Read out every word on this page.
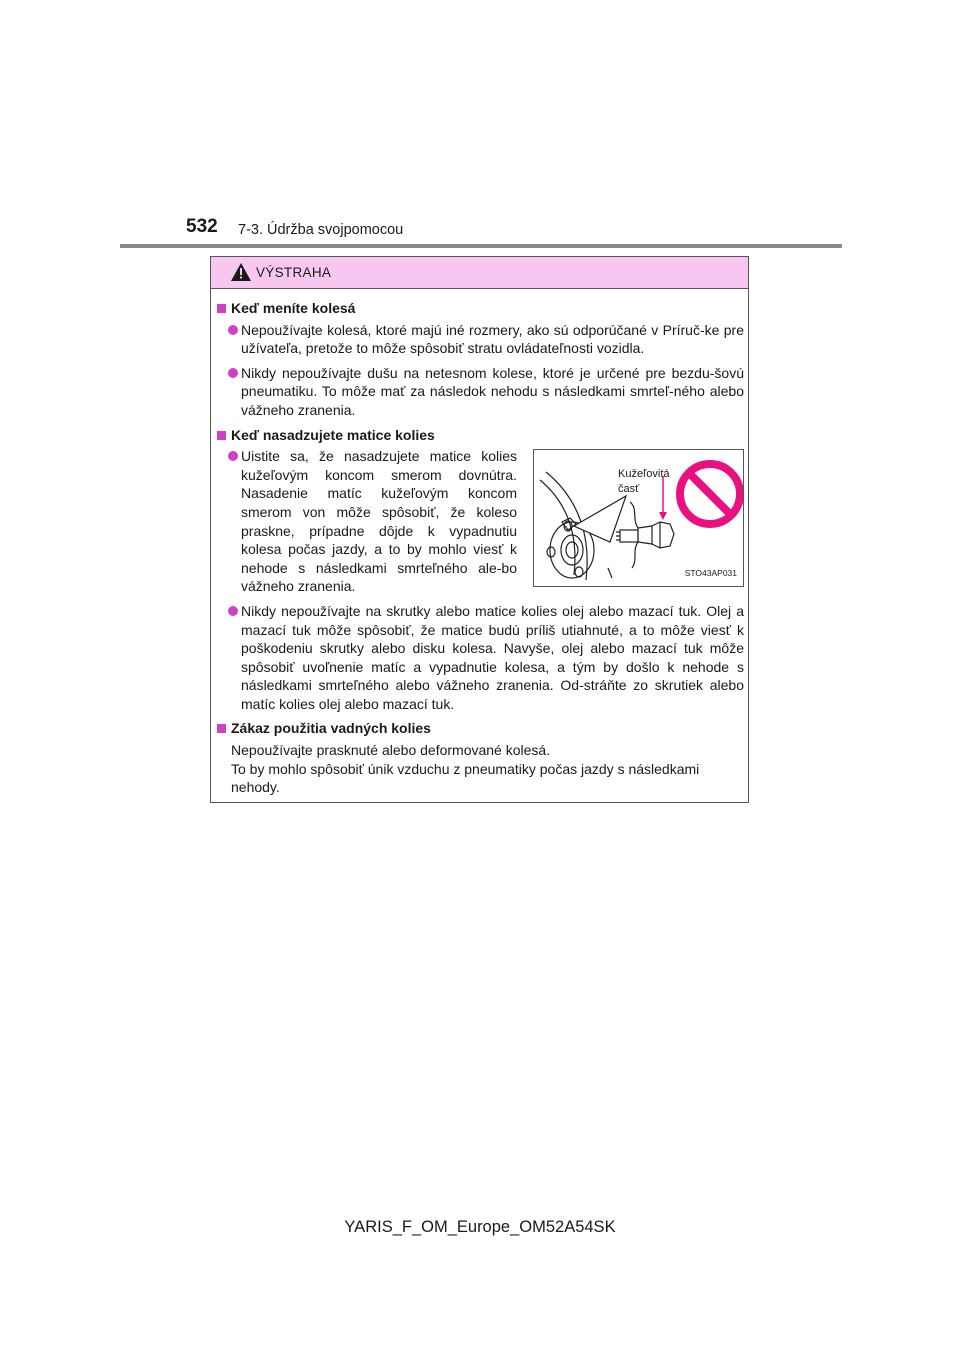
532 7-3. Údržba svojpomocou
VÝSTRAHA
Keď meníte kolesá
Nepoužívajte kolesá, ktoré majú iné rozmery, ako sú odporúčané v Príruč-ke pre užívateľa, pretože to môže spôsobiť stratu ovládateľnosti vozidla.
Nikdy nepoužívajte dušu na netesnom kolese, ktoré je určené pre bezdu-šovú pneumatiku. To môže mať za následok nehodu s následkami smrteľ-ného alebo vážneho zranenia.
Keď nasadzujete matice kolies
Uistite sa, že nasadzujete matice kolies kužeľovým koncom smerom dovnútra. Nasadenie matíc kužeľovým koncom smerom von môže spôsobiť, že koleso praskne, prípadne dôjde k vypadnutiu kolesa počas jazdy, a to by mohlo viesť k nehode s následkami smrteľného ale-bo vážneho zranenia.
Kužeľovitá
časť
STO43AP031
Nikdy nepoužívajte na skrutky alebo matice kolies olej alebo mazací tuk. Olej a mazací tuk môže spôsobiť, že matice budú príliš utiahnuté, a to môže viesť k poškodeniu skrutky alebo disku kolesa. Navyše, olej alebo mazací tuk môže spôsobiť uvoľnenie matíc a vypadnutie kolesa, a tým by došlo k nehode s následkami smrteľného alebo vážneho zranenia. Od-stráňte zo skrutiek alebo matíc kolies olej alebo mazací tuk.
Zákaz použitia vadných kolies
Nepoužívajte prasknuté alebo deformované kolesá.
To by mohlo spôsobiť únik vzduchu z pneumatiky počas jazdy s následkami nehody.
YARIS_F_OM_Europe_OM52A54SK
